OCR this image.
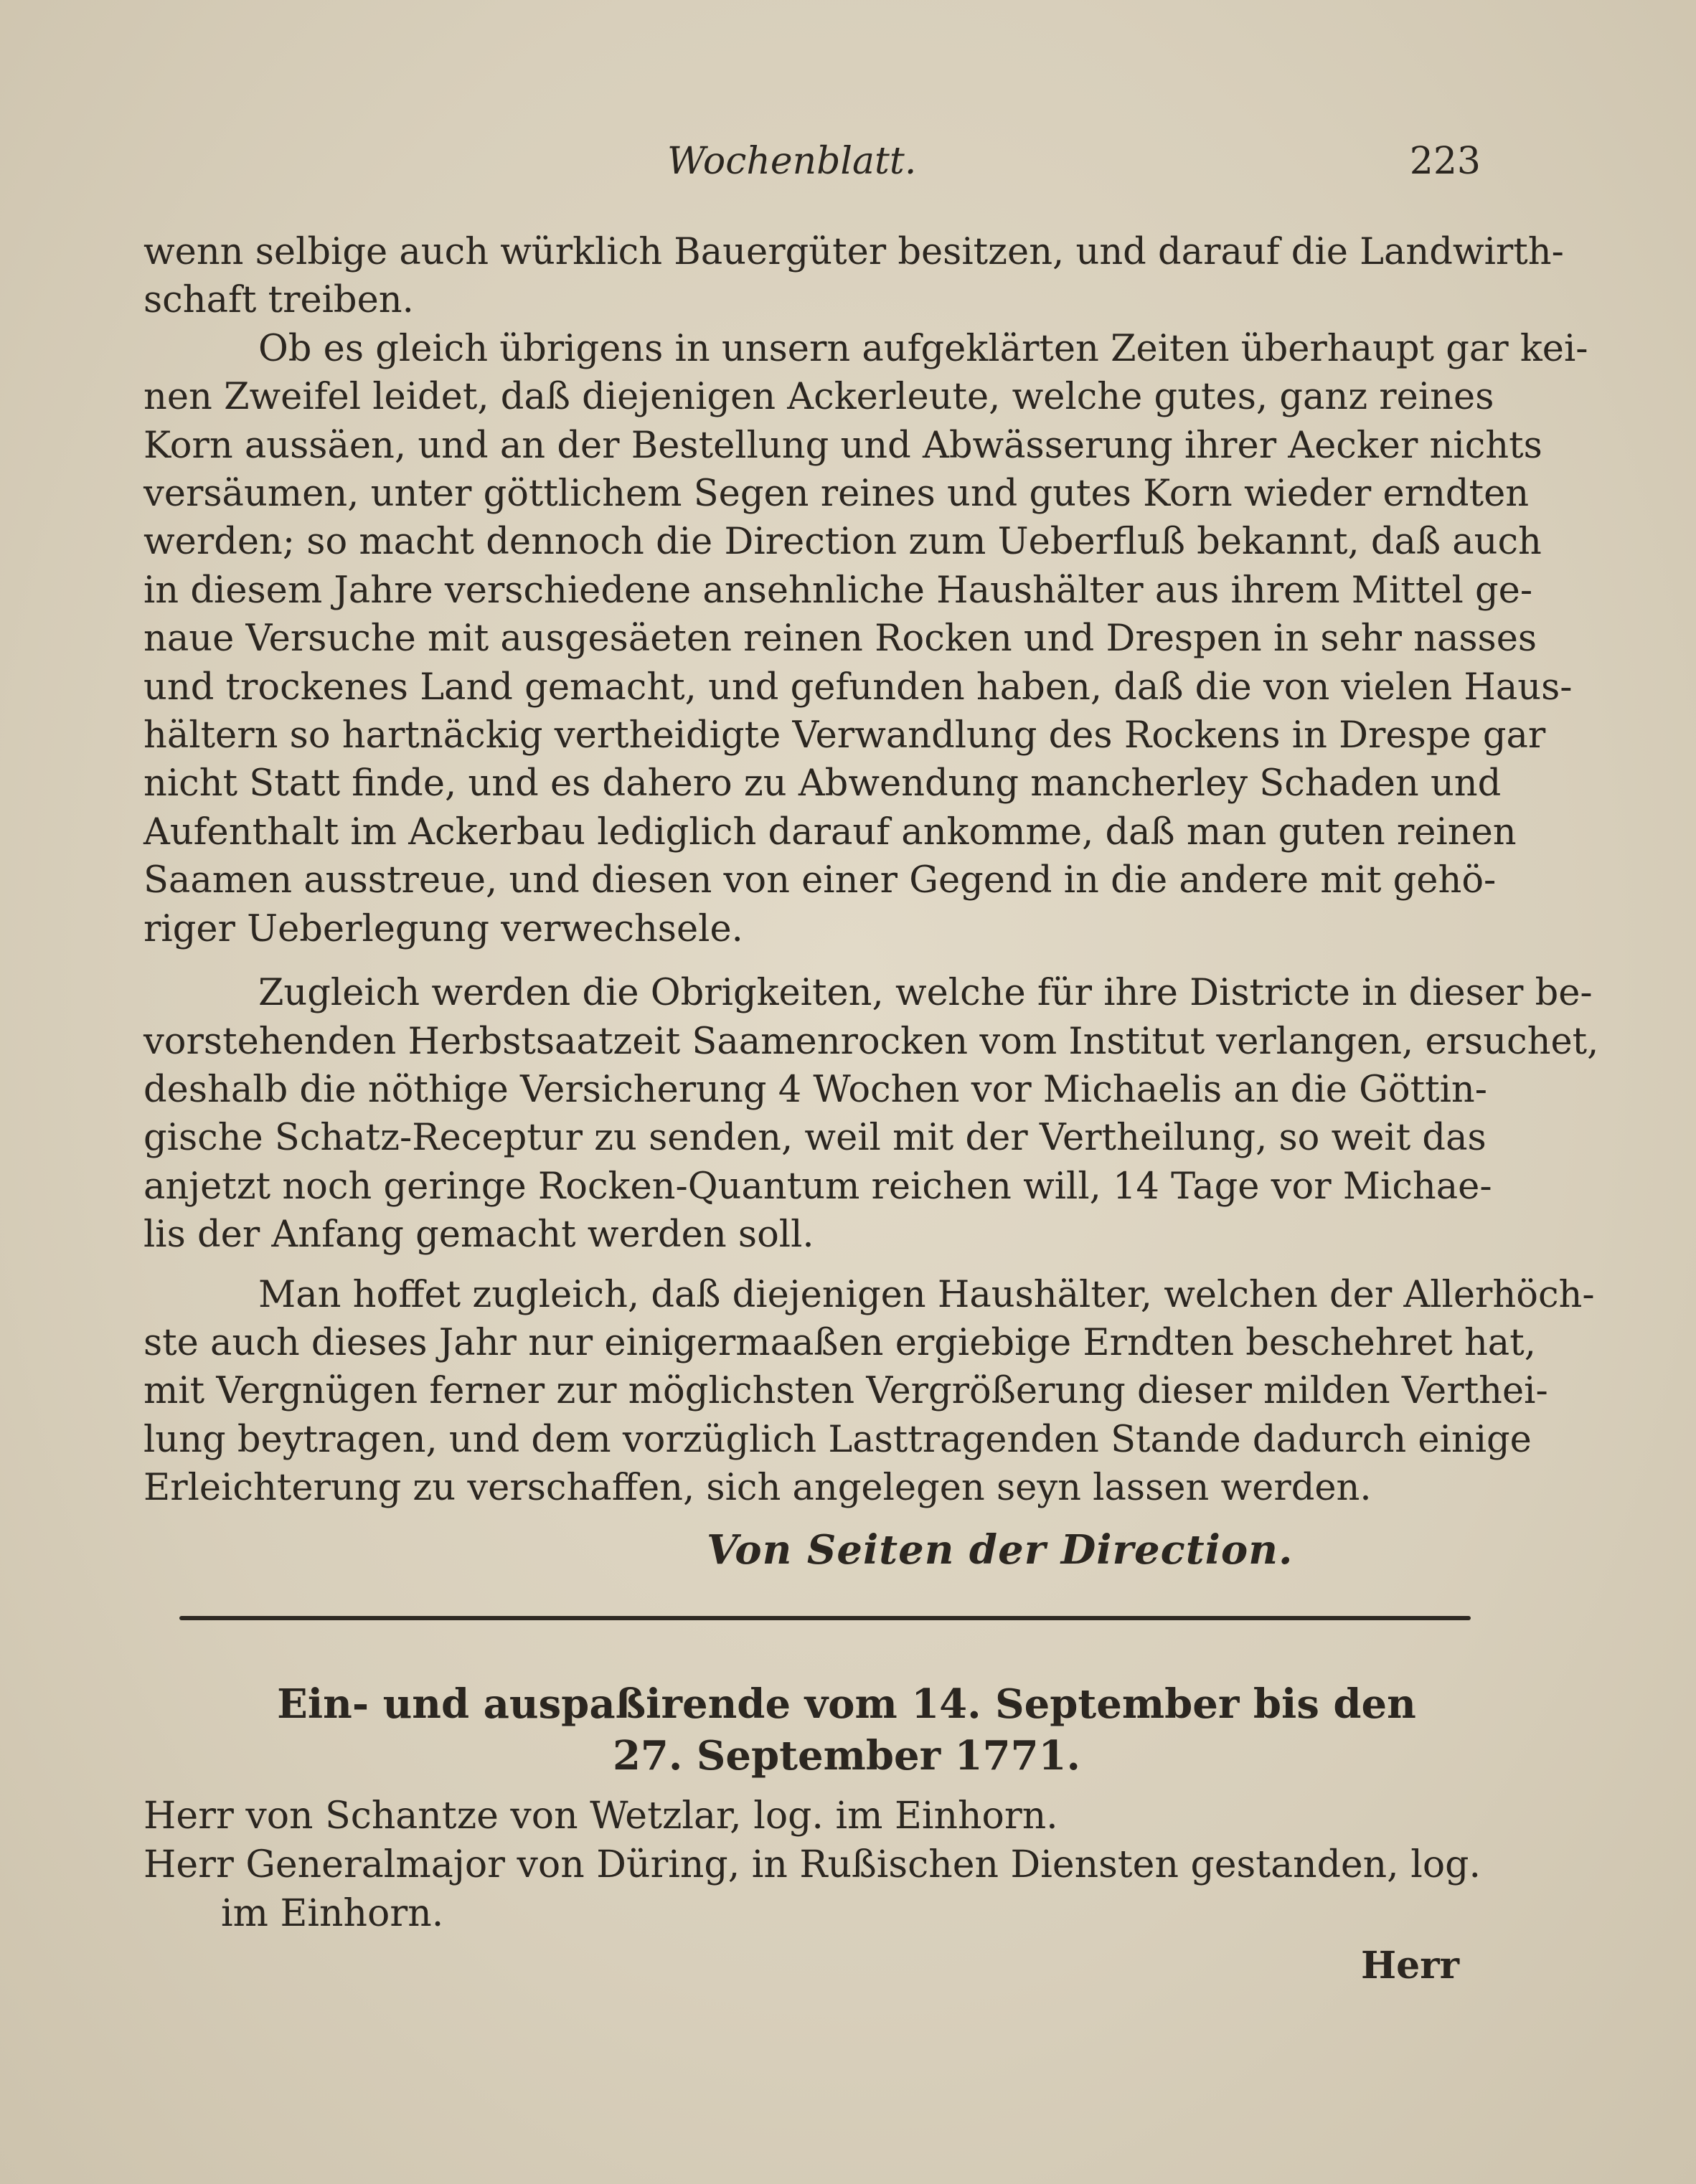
Wochenblatt.	223
wenn selbige auch würklich Bauergüter besitzen, und darauf die Landwirth-
schaft treiben.
Ob es gleich übrigens in unsern aufgeklärten Zeiten überhaupt gar kei-
nen Zweifel leidet, daß diejenigen Ackerleute, welche gutes, ganz reines
Korn aussäen, und an der Bestellung und Abwässerung ihrer Aecker nichts
versäumen, unter göttlichem Segen reines und gutes Korn wieder erndten
werden; so macht dennoch die Direction zum Ueberfluß bekannt, daß auch
in diesem Jahre verschiedene ansehnliche Haushälter aus ihrem Mittel ge-
naue Versuche mit ausgesäeten reinen Rocken und Drespen in sehr nasses
und trockenes Land gemacht, und gefunden haben, daß die von vielen Haus-
hältern so hartnäckig vertheidigte Verwandlung des Rockens in Drespe gar
nicht Statt finde, und es dahero zu Abwendung mancherley Schaden und
Aufenthalt im Ackerbau lediglich darauf ankomme, daß man guten reinen
Saamen ausstreue, und diesen von einer Gegend in die andere mit gehö-
riger Ueberlegung verwechsele.
Zugleich werden die Obrigkeiten, welche für ihre Districte in dieser be-
vorstehenden Herbstsaatzeit Saamenrocken vom Institut verlangen, ersuchet,
deshalb die nöthige Versicherung 4 Wochen vor Michaelis an die Göttin-
gische Schatz-Receptur zu senden, weil mit der Vertheilung, so weit das
anjetzt noch geringe Rocken-Quantum reichen will, 14 Tage vor Michae-
lis der Anfang gemacht werden soll.
Man hoffet zugleich, daß diejenigen Haushälter, welchen der Allerhöch-
ste auch dieses Jahr nur einigermaaßen ergiebige Erndten beschehret hat,
mit Vergnügen ferner zur möglichsten Vergrößerung dieser milden Verthei-
lung beytragen, und dem vorzüglich Lasttragenden Stande dadurch einige
Erleichterung zu verschaffen, sich angelegen seyn lassen werden.
Von Seiten der Direction.
Ein- und auspaßirende vom 14. September bis den
27. September 1771.
Herr von Schantze von Wetzlar, log. im Einhorn.
Herr Generalmajor von Düring, in Rußischen Diensten gestanden, log.
im Einhorn.
Herr
